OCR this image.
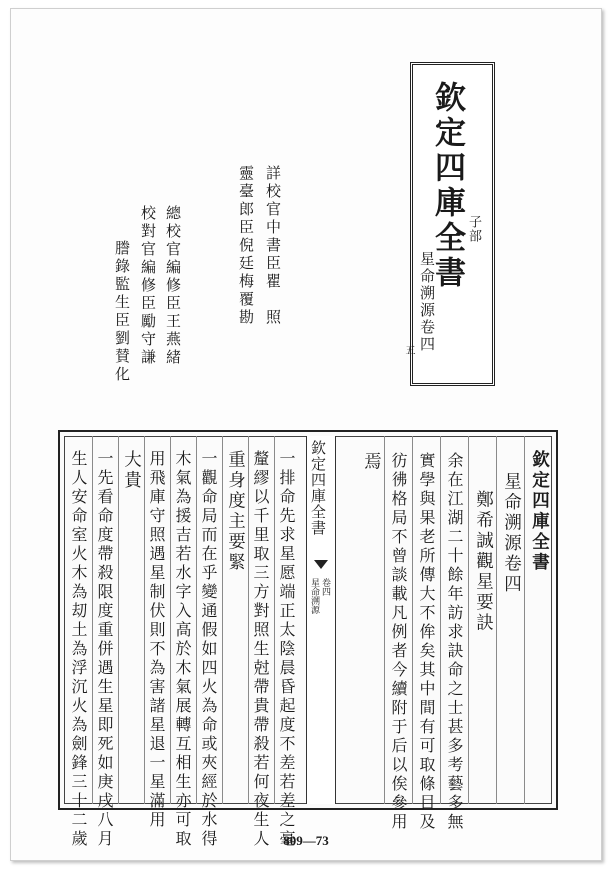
欽定四庫全書 子部
星命溯源卷四
五
詳校官中書臣瞿　照
靈臺郎臣倪廷梅覆勘
總校官編修臣王燕緒
校對官編修臣勵守謙
謄錄監生臣劉賛化
欽定四庫全書
星命溯源卷四
鄭希誠觀星要訣
余在江湖二十餘年訪求訣命之士甚多考藝多無
實學與果老所傳大不侔矣其中間有可取條目及
彷彿格局不曾談載凡例者今續附于后以俟參用
焉
欽定四庫全書
星命溯源 卷四
一排命先求星愿端正太陰晨昏起度不差若差之毫
釐繆以千里取三方對照生尅帶貴帶殺若何夜生人
重身度主要緊
一觀命局而在乎變通假如四火為命或夾經於水得
木氣為援吉若水字入高於木氣展轉互相生亦可取
用飛庫守照遇星制伏則不為害諸星退一星滿用
大貴
一先看命度帶殺限度重併遇生星即死如庚戌八月
生人安命室火木為刧土為浮沉火為劍鋒三十二歲	809—73
